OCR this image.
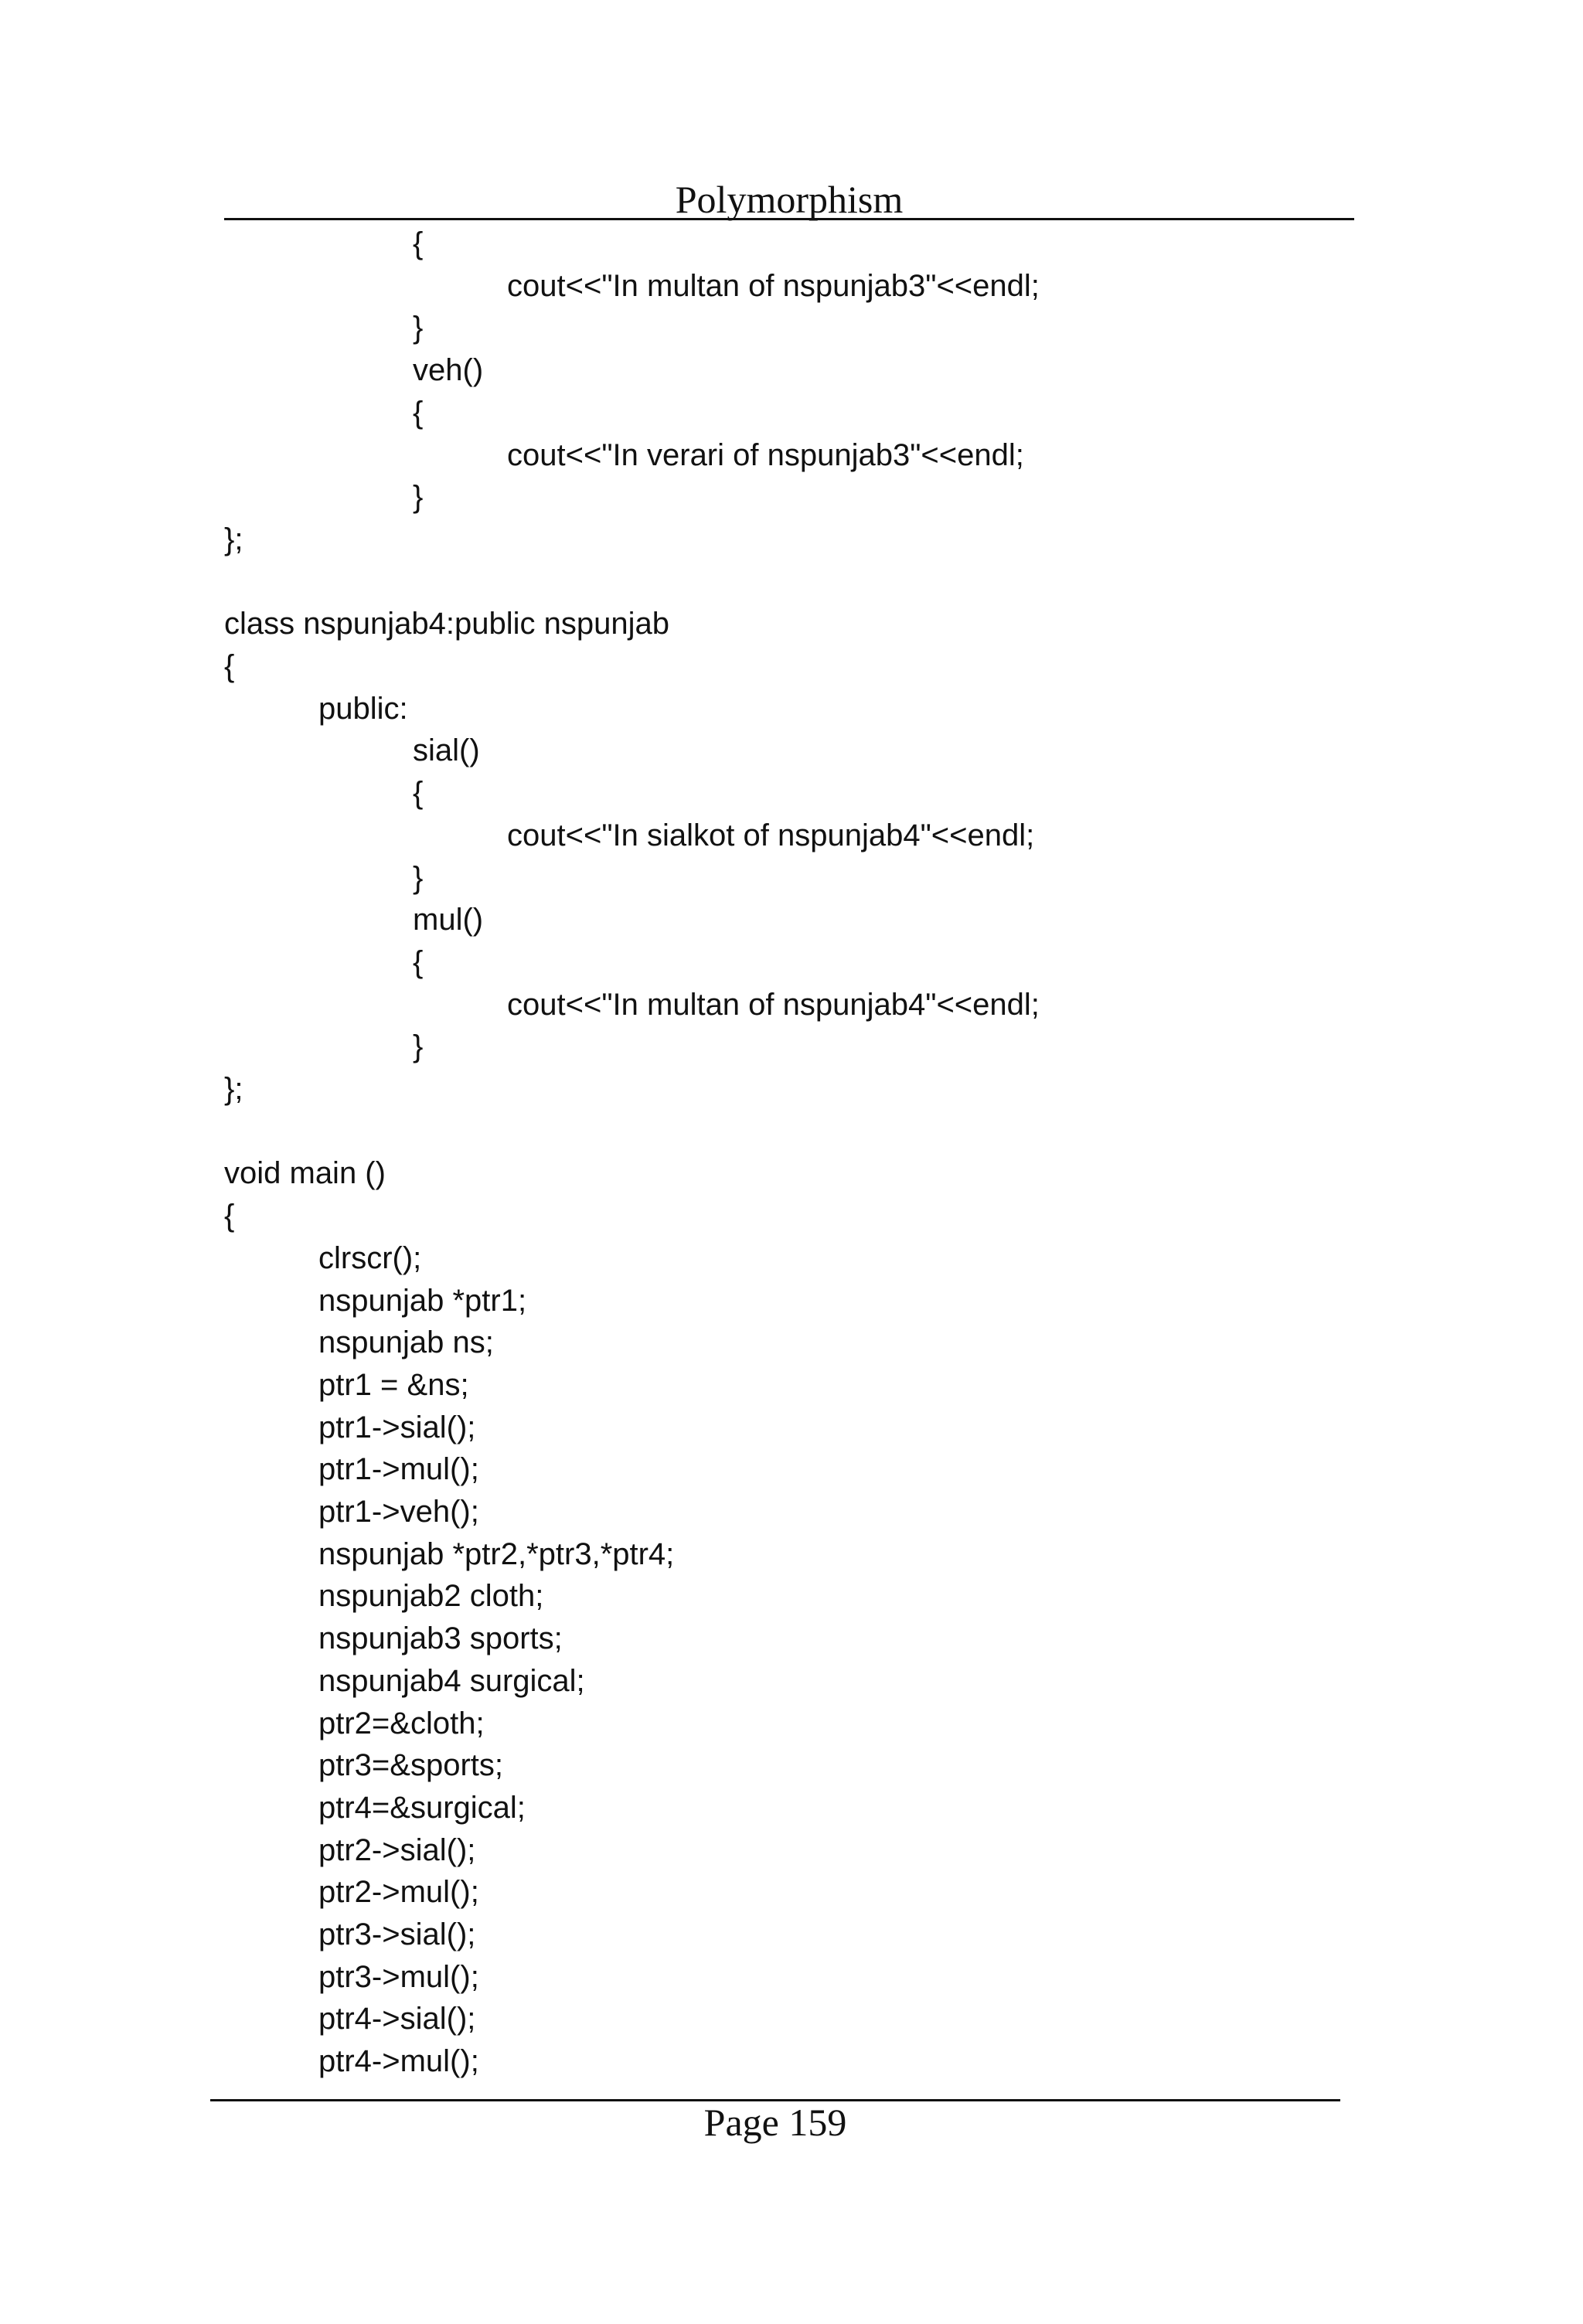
Polymorphism
{
cout<<"In multan of nspunjab3"<<endl;
}
veh()
{
cout<<"In verari of nspunjab3"<<endl;
}
};
class nspunjab4:public nspunjab
{
public:
sial()
{
cout<<"In sialkot of nspunjab4"<<endl;
}
mul()
{
cout<<"In multan of nspunjab4"<<endl;
}
};
void main ()
{
clrscr();
nspunjab *ptr1;
nspunjab ns;
ptr1 = &ns;
ptr1->sial();
ptr1->mul();
ptr1->veh();
nspunjab *ptr2,*ptr3,*ptr4;
nspunjab2 cloth;
nspunjab3 sports;
nspunjab4 surgical;
ptr2=&cloth;
ptr3=&sports;
ptr4=&surgical;
ptr2->sial();
ptr2->mul();
ptr3->sial();
ptr3->mul();
ptr4->sial();
ptr4->mul();
Page 159
